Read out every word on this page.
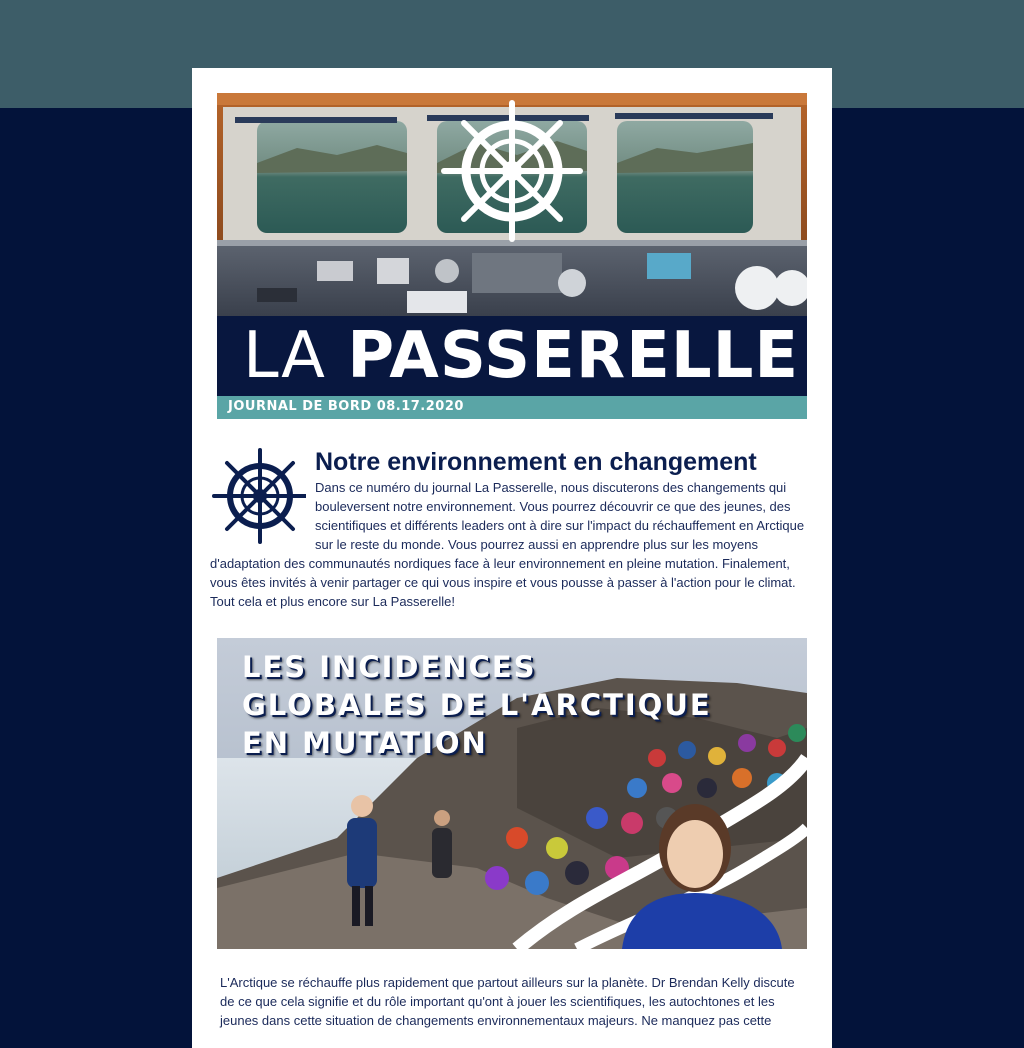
LA PASSERELLE
JOURNAL DE BORD 08.17.2020
Notre environnement en changement

Dans ce numéro du journal La Passerelle, nous discuterons des changements qui bouleversent notre environnement. Vous pourrez découvrir ce que des jeunes, des scientifiques et différents leaders ont à dire sur l'impact du réchauffement en Arctique sur le reste du monde. Vous pourrez aussi en apprendre plus sur les moyens d'adaptation des communautés nordiques face à leur environnement en pleine mutation. Finalement, vous êtes invités à venir partager ce qui vous inspire et vous pousse à passer à l'action pour le climat. Tout cela et plus encore sur La Passerelle!

LES INCIDENCES
GLOBALES DE L'ARCTIQUE
EN MUTATION

L'Arctique se réchauffe plus rapidement que partout ailleurs sur la planète. Dr Brendan Kelly discute de ce que cela signifie et du rôle important qu'ont à jouer les scientifiques, les autochtones et les jeunes dans cette situation de changements environnementaux majeurs. Ne manquez pas cette
